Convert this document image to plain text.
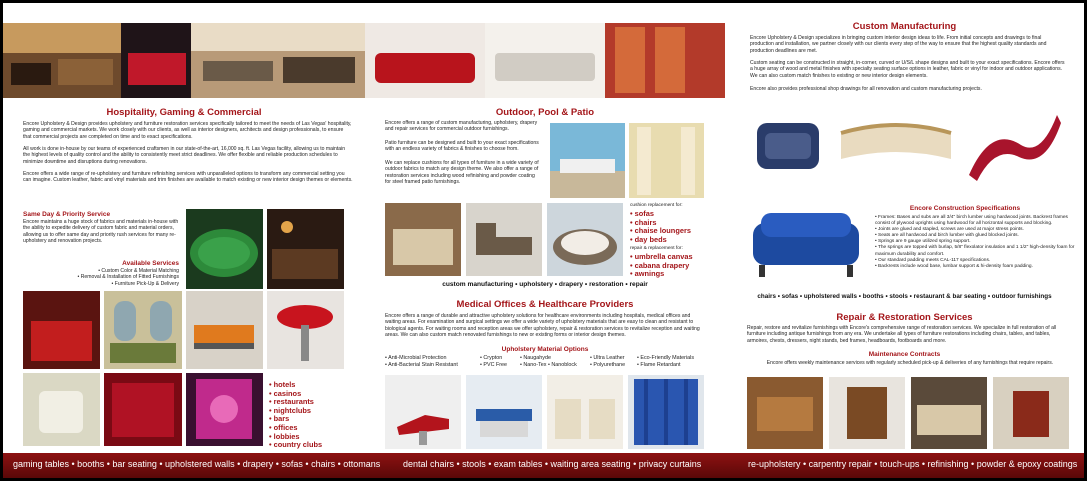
Hospitality, Gaming & Commercial
Encore Upholstery & Design provides upholstery and furniture restoration services specifically tailored to meet the needs of Las Vegas' hospitality, gaming and commercial markets. We work closely with our clients, as well as interior designers, architects and design professionals, to ensure that commercial projects are completed on time and to exact specifications.
All work is done in-house by our teams of experienced craftsmen in our state-of-the-art, 16,000 sq. ft. Las Vegas facility, allowing us to maintain the highest levels of quality control and the ability to consistently meet strict deadlines. We offer flexible and reliable production schedules to minimize downtime and disruptions during renovations.
Encore offers a wide range of re-upholstery and furniture refinishing services with unparalleled options to transform any commercial setting you can imagine. Custom leather, fabric and vinyl materials and trim finishes are available to match existing or new interior design themes or elements.
Same Day & Priority Service
Encore maintains a huge stock of fabrics and materials in-house with the ability to expedite delivery of custom fabric and material orders, allowing us to offer same day and priority rush services for many re-upholstery and renovation projects.
Available Services
• Custom Color & Material Matching
• Removal & Installation of Fitted Furnishings
• Furniture Pick-Up & Delivery
• hotels
• casinos
• restaurants
• nightclubs
• bars
• offices
• lobbies
• country clubs
Outdoor, Pool & Patio
Encore offers a range of custom manufacturing, upholstery, drapery and repair services for commercial outdoor furnishings.
Patio furniture can be designed and built to your exact specifications with an endless variety of fabrics & finishes to choose from.
We can replace cushions for all types of furniture in a wide variety of outdoor fabrics to match any design theme. We also offer a range of restoration services including wood refinishing and powder coating for steel framed patio furnishings.
cushion replacement for:
• sofas
• chairs
• chaise loungers
• day beds
repair & replacement for:
• umbrella canvas
• cabana drapery
• awnings
custom manufacturing • upholstery • drapery • restoration • repair
Medical Offices & Healthcare Providers
Encore offers a range of durable and attractive upholstery solutions for healthcare environments including hospitals, medical offices and waiting areas. For examination and surgical settings we offer a wide variety of upholstery materials that are easy to clean and resistant to biological agents. For waiting rooms and reception areas we offer upholstery, repair & restoration services to revitalize reception and waiting areas. We can also custom match renovated furnishings to new or existing forms or interior design themes.
Upholstery Material Options
• Anti-Microbial Protection
• Anti-Bacterial Stain Resistant
• Crypton
• PVC Free
• Naugahyde
• Nano-Tex • Nanoblock
• Ultra Leather
• Polyurethane
• Eco-Friendly Materials
• Flame Retardant
Custom Manufacturing
Encore Upholstery & Design specializes in bringing custom interior design ideas to life. From initial concepts and drawings to final production and installation, we partner closely with our clients every step of the way to ensure that the highest quality standards and production deadlines are met.
Custom seating can be constructed in straight, in-corner, curved or U/S/L shape designs and built to your exact specifications. Encore offers a huge array of wood and metal finishes with specialty seating surface options in leather, fabric or vinyl for indoor and outdoor applications. We can also custom match finishes to existing or new interior design elements.
Encore also provides professional shop drawings for all renovation and custom manufacturing projects.
Encore Construction Specifications
• Frames: Bases and subs are all 3/4" birch lumber using hardwood joints. Backrest frames consist of plywood uprights using hardwood for all horizontal supports and blocking.
• Joints are glued and stapled, screws are used at major stress points.
• Seats are all hardwood and birch lumber with glued blocked joints.
• Springs are 9 gauge utilized spring support.
• The springs are topped with burlap, 5/8" flexolator insulation and 1 1/2" high-density foam for maximum durability and comfort.
• Our standard padding meets CAL-117 specifications.
• Backrests include wood base, lumbar support & hi-density foam padding.
chairs • sofas • upholstered walls • booths • stools • restaurant & bar seating • outdoor furnishings
Repair & Restoration Services
Repair, restore and revitalize furnishings with Encore's comprehensive range of restoration services. We specialize in full restoration of all furniture including antique furnishings from any era. We undertake all types of furniture restorations including chairs, tables, and tables, armoires, chests, dressers, night stands, bed frames, headboards, footboards and more.
Maintenance Contracts
Encore offers weekly maintenance services with regularly scheduled pick-up & deliveries of any furnishings that require repairs.
gaming tables • booths • bar seating • upholstered walls • drapery • sofas • chairs • ottomans	dental chairs • stools • exam tables • waiting area seating • privacy curtains	re-upholstery • carpentry repair • touch-ups • refinishing • powder & epoxy coatings
